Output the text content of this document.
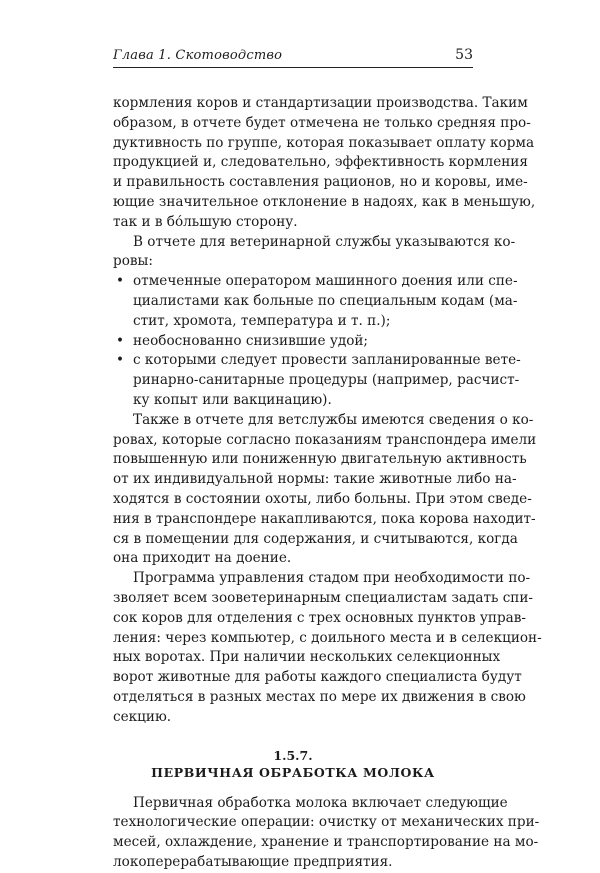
Глава 1. Скотоводство	53
кормления коров и стандартизации производства. Таким
образом, в отчете будет отмечена не только средняя про-
дуктивность по группе, которая показывает оплату корма
продукцией и, следовательно, эффективность кормления
и правильность составления рационов, но и коровы, име-
ющие значительное отклонение в надоях, как в меньшую,
так и в бо́льшую сторону.
В отчете для ветеринарной службы указываются ко-
ровы:
• отмеченные оператором машинного доения или спе-
циалистами как больные по специальным кодам (ма-
стит, хромота, температура и т. п.);
• необоснованно снизившие удой;
• с которыми следует провести запланированные вете-
ринарно-санитарные процедуры (например, расчист-
ку копыт или вакцинацию).
Также в отчете для ветслужбы имеются сведения о ко-
ровах, которые согласно показаниям транспондера имели
повышенную или пониженную двигательную активность
от их индивидуальной нормы: такие животные либо на-
ходятся в состоянии охоты, либо больны. При этом сведе-
ния в транспондере накапливаются, пока корова находит-
ся в помещении для содержания, и считываются, когда
она приходит на доение.
Программа управления стадом при необходимости по-
зволяет всем зооветеринарным специалистам задать спи-
сок коров для отделения с трех основных пунктов управ-
ления: через компьютер, с доильного места и в селекцион-
ных воротах. При наличии нескольких селекционных
ворот животные для работы каждого специалиста будут
отделяться в разных местах по мере их движения в свою
секцию.
1.5.7.
ПЕРВИЧНАЯ ОБРАБОТКА МОЛОКА
Первичная обработка молока включает следующие
технологические операции: очистку от механических при-
месей, охлаждение, хранение и транспортирование на мо-
локоперерабатывающие предприятия.
